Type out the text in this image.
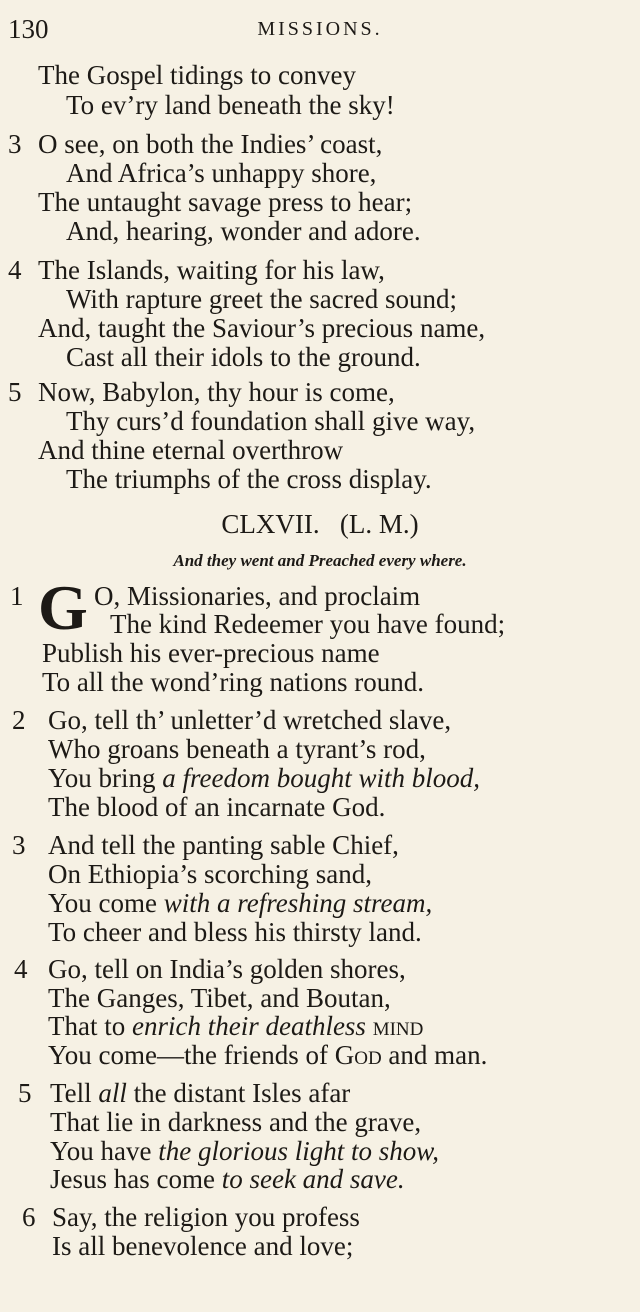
130	MISSIONS.
The Gospel tidings to convey
To ev’ry land beneath the sky!
3 O see, on both the Indies’ coast,
And Africa’s unhappy shore,
The untaught savage press to hear;
And, hearing, wonder and adore.
4 The Islands, waiting for his law,
With rapture greet the sacred sound;
And, taught the Saviour’s precious name,
Cast all their idols to the ground.
5 Now, Babylon, thy hour is come,
Thy curs’d foundation shall give way,
And thine eternal overthrow
The triumphs of the cross display.
CLXVII.   (L. M.)
And they went and Preached every where.
1 G O, Missionaries, and proclaim
The kind Redeemer you have found;
Publish his ever-precious name
To all the wond’ring nations round.
2 Go, tell th’ unletter’d wretched slave,
Who groans beneath a tyrant’s rod,
You bring a freedom bought with blood,
The blood of an incarnate God.
3 And tell the panting sable Chief,
On Ethiopia’s scorching sand,
You come with a refreshing stream,
To cheer and bless his thirsty land.
4 Go, tell on India’s golden shores,
The Ganges, Tibet, and Boutan,
That to enrich their deathless mind
You come—the friends of God and man.
5 Tell all the distant Isles afar
That lie in darkness and the grave,
You have the glorious light to show,
Jesus has come to seek and save.
6 Say, the religion you profess
Is all benevolence and love;
